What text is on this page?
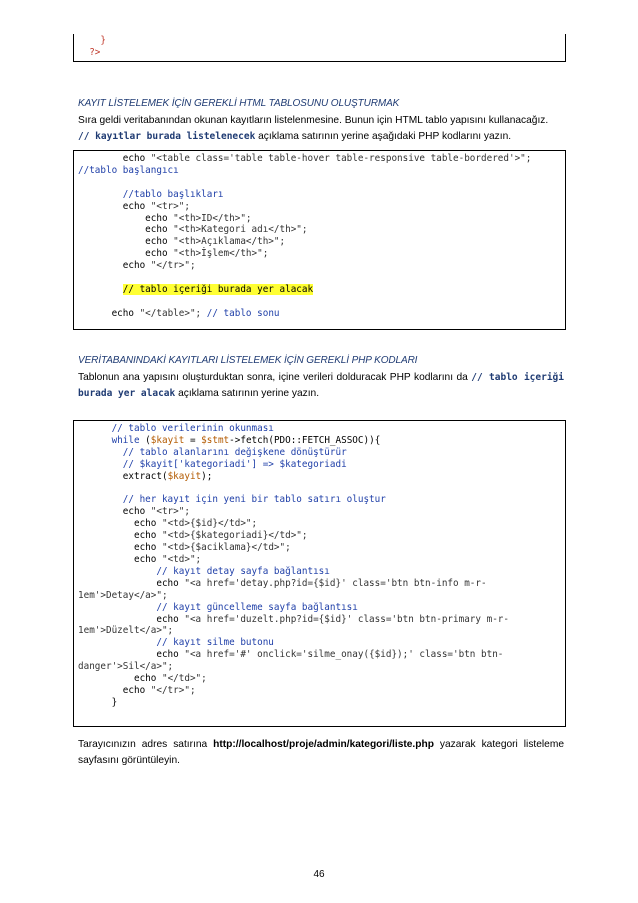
}
?>
KAYIT LİSTELEMEK İÇİN GEREKLİ HTML TABLOSUNU OLUŞTURMAK
Sıra geldi veritabanından okunan kayıtların listelenmesine. Bunun için HTML tablo yapısını kullanacağız.
// kayıtlar burada listelenecek açıklama satırının yerine aşağıdaki PHP kodlarını yazın.
echo "<table class='table table-hover table-responsive table-bordered'>";
//tablo başlangıcı

//tablo başlıkları
echo "<tr>";
echo "<th>ID</th>";
echo "<th>Kategori adı</th>";
echo "<th>Açıklama</th>";
echo "<th>İşlem</th>";
echo "</tr>";

// tablo içeriği burada yer alacak

echo "</table>"; // tablo sonu
VERİTABANINDAKİ KAYITLARI LİSTELEMEK İÇİN GEREKLİ PHP KODLARI
Tablonun ana yapısını oluşturduktan sonra, içine verileri dolduracak PHP kodlarını da // tablo içeriği burada yer alacak açıklama satırının yerine yazın.
// tablo verilerinin okunması
while ($kayit = $stmt->fetch(PDO::FETCH_ASSOC)){
// tablo alanlarını değişkene dönüştürür
// $kayit['kategoriadi'] => $kategoriadi
extract($kayit);

// her kayıt için yeni bir tablo satırı oluştur
echo "<tr>";
echo "<td>{$id}</td>";
echo "<td>{$kategoriadi}</td>";
echo "<td>{$aciklama}</td>";
echo "<td>";
// kayıt detay sayfa bağlantısı
echo "<a href='detay.php?id={$id}' class='btn btn-info m-r-
1em'>Detay</a>";
// kayıt güncelleme sayfa bağlantısı
echo "<a href='duzelt.php?id={$id}' class='btn btn-primary m-r-
1em'>Düzelt</a>";
// kayıt silme butonu
echo "<a href='#' onclick='silme_onay({$id});' class='btn btn-
danger'>Sil</a>";
echo "</td>";
echo "</tr>";
}
Tarayıcınızın adres satırına http://localhost/proje/admin/kategori/liste.php yazarak kategori listeleme sayfasını görüntüleyin.
46
